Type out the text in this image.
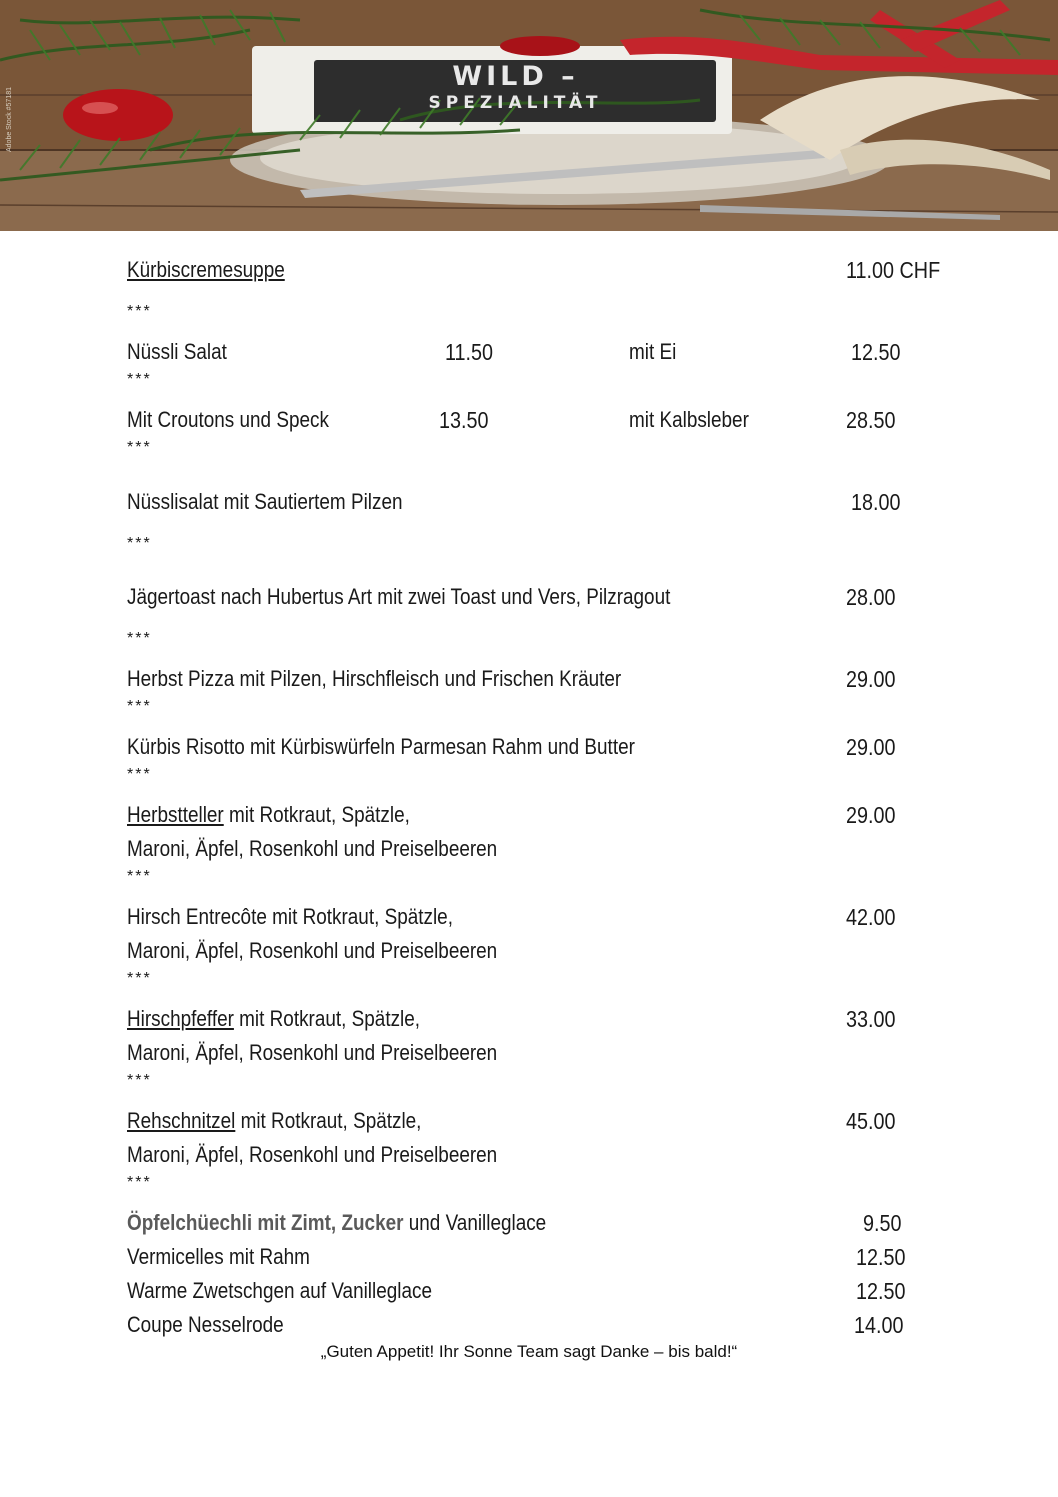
WILD –
SPEZIALITÄT
Adobe Stock #57181
Kürbiscremesuppe	11.00 CHF
***
Nüssli Salat	11.50	mit Ei	12.50
***
Mit Croutons und Speck	13.50	mit Kalbsleber	28.50
***
Nüsslisalat mit Sautiertem Pilzen	18.00
***
Jägertoast nach Hubertus Art mit zwei Toast und Vers, Pilzragout	28.00
***
Herbst Pizza mit Pilzen, Hirschfleisch und Frischen Kräuter	29.00
***
Kürbis Risotto mit Kürbiswürfeln Parmesan Rahm und Butter	29.00
***
Herbstteller mit Rotkraut, Spätzle,
Maroni, Äpfel, Rosenkohl und Preiselbeeren
29.00
***
Hirsch Entrecôte mit Rotkraut, Spätzle,
Maroni, Äpfel, Rosenkohl und Preiselbeeren
42.00
***
Hirschpfeffer mit Rotkraut, Spätzle,
Maroni, Äpfel, Rosenkohl und Preiselbeeren
33.00
***
Rehschnitzel mit Rotkraut, Spätzle,
Maroni, Äpfel, Rosenkohl und Preiselbeeren
45.00
***
Öpfelchüechli mit Zimt, Zucker und Vanilleglace	9.50
Vermicelles mit Rahm	12.50
Warme Zwetschgen auf Vanilleglace	12.50
Coupe Nesselrode	14.00
„Guten Appetit! Ihr Sonne Team sagt Danke – bis bald!“
